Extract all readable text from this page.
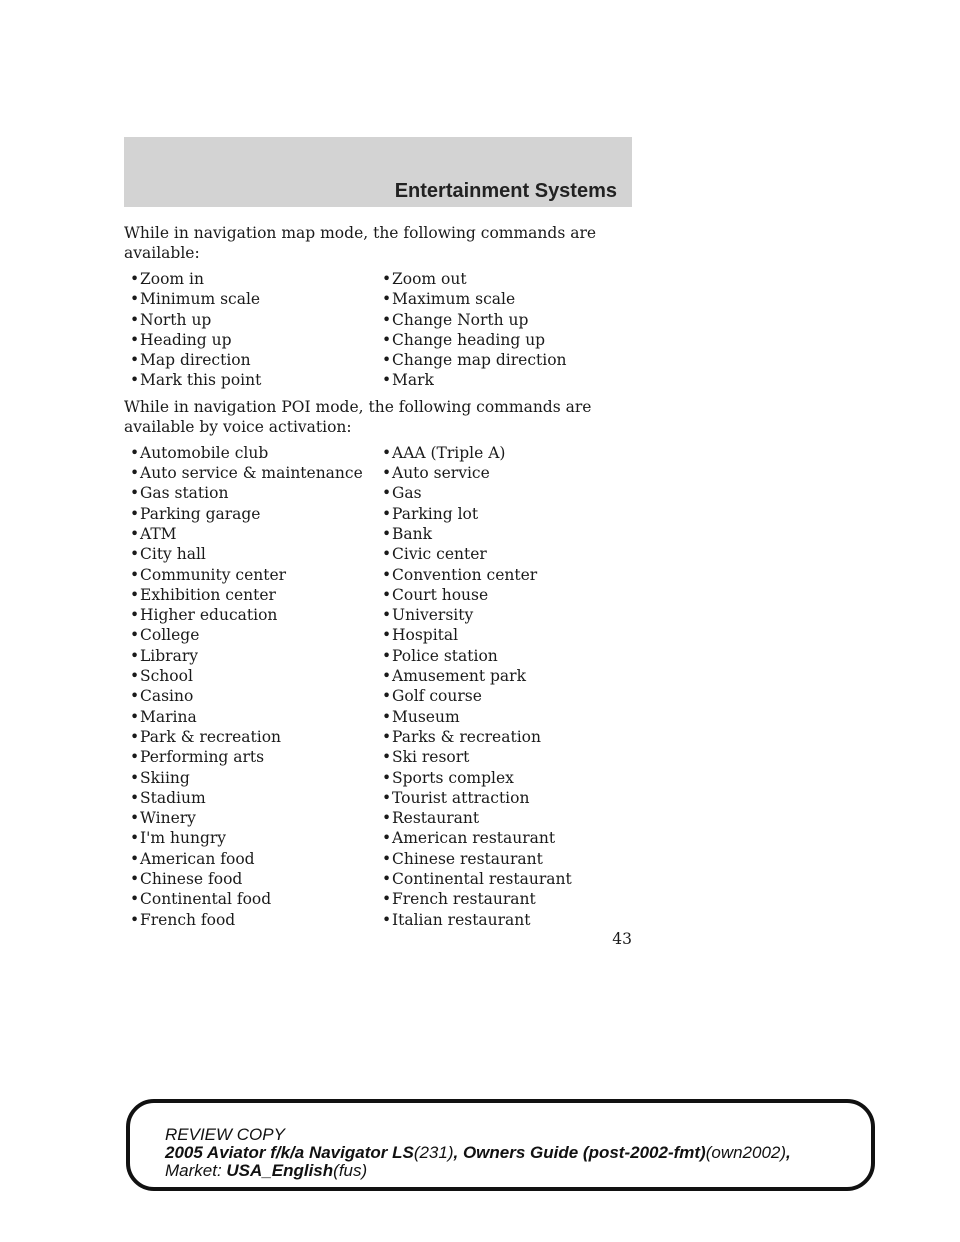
Entertainment Systems

While in navigation map mode, the following commands are available:

•Zoom in	•Zoom out
•Minimum scale	•Maximum scale
•North up	•Change North up
•Heading up	•Change heading up
•Map direction	•Change map direction
•Mark this point	•Mark

While in navigation POI mode, the following commands are available by voice activation:

•Automobile club	•AAA (Triple A)
•Auto service & maintenance •Auto service
•Gas station	•Gas
•Parking garage	•Parking lot
•ATM	•Bank
•City hall	•Civic center
•Community center	•Convention center
•Exhibition center	•Court house
•Higher education	•University
•College	•Hospital
•Library	•Police station
•School	•Amusement park
•Casino	•Golf course
•Marina	•Museum
•Park & recreation	•Parks & recreation
•Performing arts	•Ski resort
•Skiing	•Sports complex
•Stadium	•Tourist attraction
•Winery	•Restaurant
•I'm hungry	•American restaurant
•American food	•Chinese restaurant
•Chinese food	•Continental restaurant
•Continental food	•French restaurant
•French food	•Italian restaurant
43
REVIEW COPY
2005 Aviator f/k/a Navigator LS(231), Owners Guide (post-2002-fmt)(own2002),
Market: USA_English(fus)
